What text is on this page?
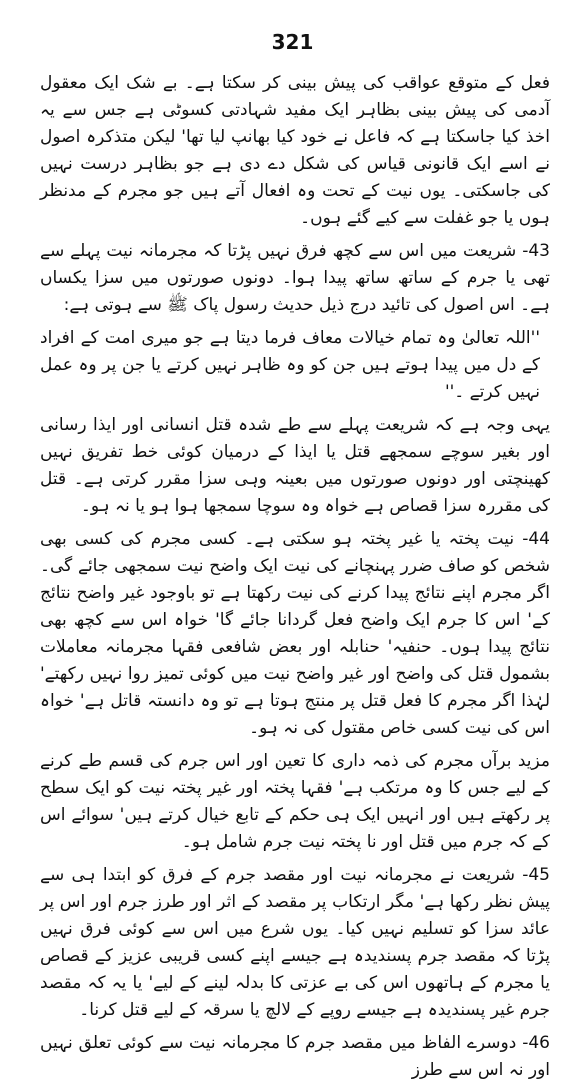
321

فعل کے متوقع عواقب کی پیش بینی کر سکتا ہے۔ بے شک ایک معقول آدمی کی پیش بینی بظاہر ایک مفید شہادتی کسوٹی ہے جس سے یہ اخذ کیا جاسکتا ہے کہ فاعل نے خود کیا بھانپ لیا تھا' لیکن متذکرہ اصول نے اسے ایک قانونی قیاس کی شکل دے دی ہے جو بظاہر درست نہیں کی جاسکتی۔ یوں نیت کے تحت وہ افعال آتے ہیں جو مجرم کے مدنظر ہوں یا جو غفلت سے کیے گئے ہوں۔

43- شریعت میں اس سے کچھ فرق نہیں پڑتا کہ مجرمانہ نیت پہلے سے تھی یا جرم کے ساتھ ساتھ پیدا ہوا۔ دونوں صورتوں میں سزا یکساں ہے۔ اس اصول کی تائید درج ذیل حدیث رسول پاک ﷺ سے ہوتی ہے:

''اللہ تعالیٰ وہ تمام خیالات معاف فرما دیتا ہے جو میری امت کے افراد کے دل میں پیدا ہوتے ہیں جن کو وہ ظاہر نہیں کرتے یا جن پر وہ عمل نہیں کرتے ۔''

یہی وجہ ہے کہ شریعت پہلے سے طے شدہ قتل انسانی اور ایذا رسانی اور بغیر سوچے سمجھے قتل یا ایذا کے درمیان کوئی خط تفریق نہیں کھینچتی اور دونوں صورتوں میں بعینہ وہی سزا مقرر کرتی ہے۔ قتل کی مقررہ سزا قصاص ہے خواہ وہ سوچا سمجھا ہوا ہو یا نہ ہو۔

44- نیت پختہ یا غیر پختہ ہو سکتی ہے۔ کسی مجرم کی کسی بھی شخص کو صاف ضرر پہنچانے کی نیت ایک واضح نیت سمجھی جائے گی۔ اگر مجرم اپنے نتائج پیدا کرنے کی نیت رکھتا ہے تو باوجود غیر واضح نتائج کے' اس کا جرم ایک واضح فعل گردانا جائے گا' خواہ اس سے کچھ بھی نتائج پیدا ہوں۔ حنفیہ' حنابلہ اور بعض شافعی فقہا مجرمانہ معاملات بشمول قتل کی واضح اور غیر واضح نیت میں کوئی تمیز روا نہیں رکھتے' لہٰذا اگر مجرم کا فعل قتل پر منتج ہوتا ہے تو وہ دانستہ قاتل ہے' خواہ اس کی نیت کسی خاص مقتول کی نہ ہو۔

مزید برآں مجرم کی ذمہ داری کا تعین اور اس جرم کی قسم طے کرنے کے لیے جس کا وہ مرتکب ہے' فقہا پختہ اور غیر پختہ نیت کو ایک سطح پر رکھتے ہیں اور انہیں ایک ہی حکم کے تابع خیال کرتے ہیں' سوائے اس کے کہ جرم میں قتل اور نا پختہ نیت جرم شامل ہو۔

45- شریعت نے مجرمانہ نیت اور مقصد جرم کے فرق کو ابتدا ہی سے پیش نظر رکھا ہے' مگر ارتکاب پر مقصد کے اثر اور طرز جرم اور اس پر عائد سزا کو تسلیم نہیں کیا۔ یوں شرع میں اس سے کوئی فرق نہیں پڑتا کہ مقصد جرم پسندیدہ ہے جیسے اپنے کسی قریبی عزیز کے قصاص یا مجرم کے ہاتھوں اس کی بے عزتی کا بدلہ لینے کے لیے' یا یہ کہ مقصد جرم غیر پسندیدہ ہے جیسے روپے کے لالچ یا سرقہ کے لیے قتل کرنا۔

46- دوسرے الفاظ میں مقصد جرم کا مجرمانہ نیت سے کوئی تعلق نہیں اور نہ اس سے طرز
